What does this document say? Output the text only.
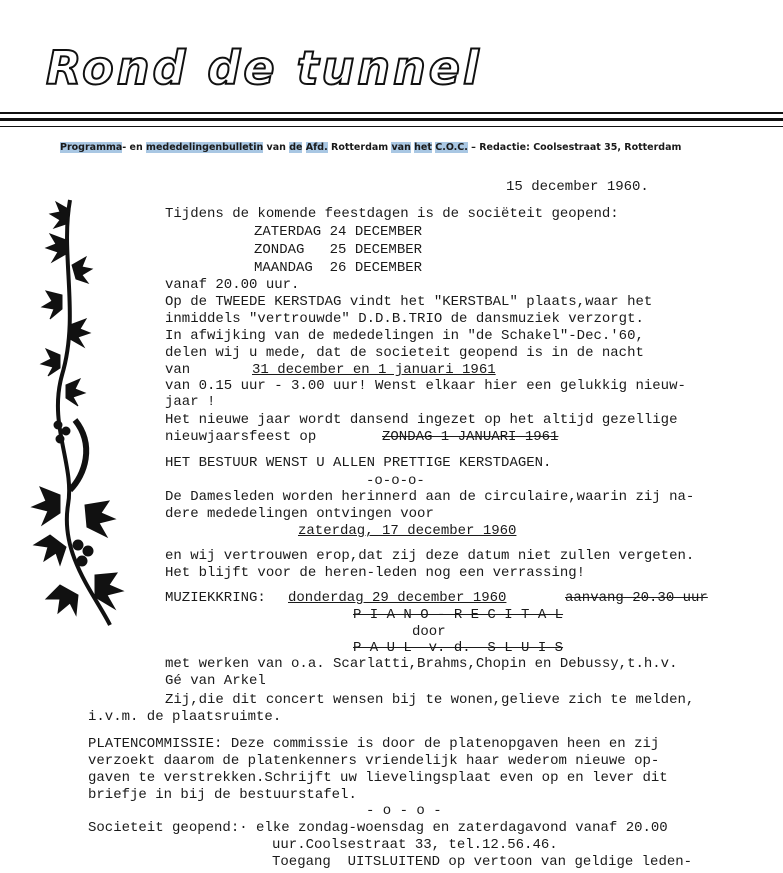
Rond de tunnel
Programma- en mededelingenbulletin van de Afd. Rotterdam van het C.O.C. – Redactie: Coolsestraat 35, Rotterdam
15 december 1960.
Tijdens de komende feestdagen is de sociëteit geopend:
ZATERDAG 24 DECEMBER
ZONDAG   25 DECEMBER
MAANDAG  26 DECEMBER
vanaf 20.00 uur.
Op de TWEEDE KERSTDAG vindt het "KERSTBAL" plaats,waar het
inmiddels "vertrouwde" D.D.B.TRIO de dansmuziek verzorgt.
In afwijking van de mededelingen in "de Schakel"-Dec.'60,
delen wij u mede, dat de societeit geopend is in de nacht
van	31 december en 1 januari 1961
van 0.15 uur - 3.00 uur! Wenst elkaar hier een gelukkig nieuw-
jaar !
Het nieuwe jaar wordt dansend ingezet op het altijd gezellige
nieuwjaarsfeest op	ZONDAG 1 JANUARI 1961
HET BESTUUR WENST U ALLEN PRETTIGE KERSTDAGEN.
-o-o-o-
De Damesleden worden herinnerd aan de circulaire,waarin zij na-
dere mededelingen ontvingen voor
zaterdag, 17 december 1960
en wij vertrouwen erop,dat zij deze datum niet zullen vergeten.
Het blijft voor de heren-leden nog een verrassing!
MUZIEKKRING: donderdag 29 december 1960	aanvang 20.30 uur
P I A N O - R E C I T A L
door
P A U L  v. d.  S L U I S
met werken van o.a. Scarlatti,Brahms,Chopin en Debussy,t.h.v.
Gé van Arkel
Zij,die dit concert wensen bij te wonen,gelieve zich te melden,
i.v.m. de plaatsruimte.
PLATENCOMMISSIE: Deze commissie is door de platenopgaven heen en zij
verzoekt daarom de platenkenners vriendelijk haar wederom nieuwe op-
gaven te verstrekken.Schrijft uw lievelingsplaat even op en lever dit
briefje in bij de bestuurstafel.
- o - o -
Societeit geopend:· elke zondag-woensdag en zaterdagavond vanaf 20.00
uur.Coolsestraat 33, tel.12.56.46.
Toegang  UITSLUITEND op vertoon van geldige leden-
